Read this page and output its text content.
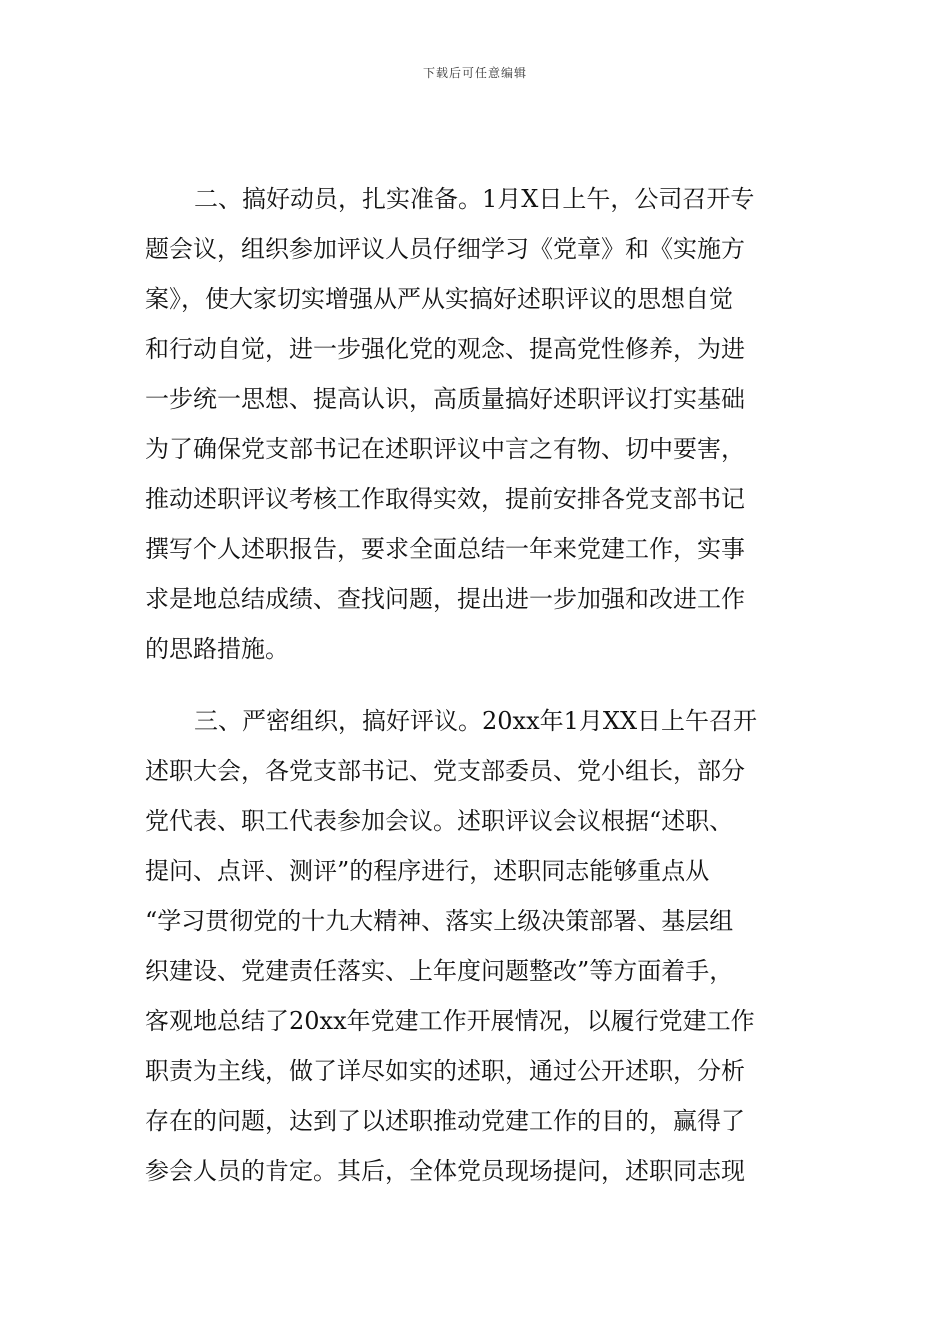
下载后可任意编辑
二、搞好动员，扎实准备。1月X日上午，公司召开专
题会议，组织参加评议人员仔细学习《党章》和《实施方
案》，使大家切实增强从严从实搞好述职评议的思想自觉
和行动自觉，进一步强化党的观念、提高党性修养，为进
一步统一思想、提高认识，高质量搞好述职评议打实基础
为了确保党支部书记在述职评议中言之有物、切中要害，
推动述职评议考核工作取得实效，提前安排各党支部书记
撰写个人述职报告，要求全面总结一年来党建工作，实事
求是地总结成绩、查找问题，提出进一步加强和改进工作
的思路措施。
三、严密组织，搞好评议。20xx年1月XX日上午召开
述职大会，各党支部书记、党支部委员、党小组长，部分
党代表、职工代表参加会议。述职评议会议根据“述职、
提问、点评、测评”的程序进行，述职同志能够重点从
“学习贯彻党的十九大精神、落实上级决策部署、基层组
织建设、党建责任落实、上年度问题整改”等方面着手，
客观地总结了20xx年党建工作开展情况，以履行党建工作
职责为主线，做了详尽如实的述职，通过公开述职，分析
存在的问题，达到了以述职推动党建工作的目的，赢得了
参会人员的肯定。其后，全体党员现场提问，述职同志现
